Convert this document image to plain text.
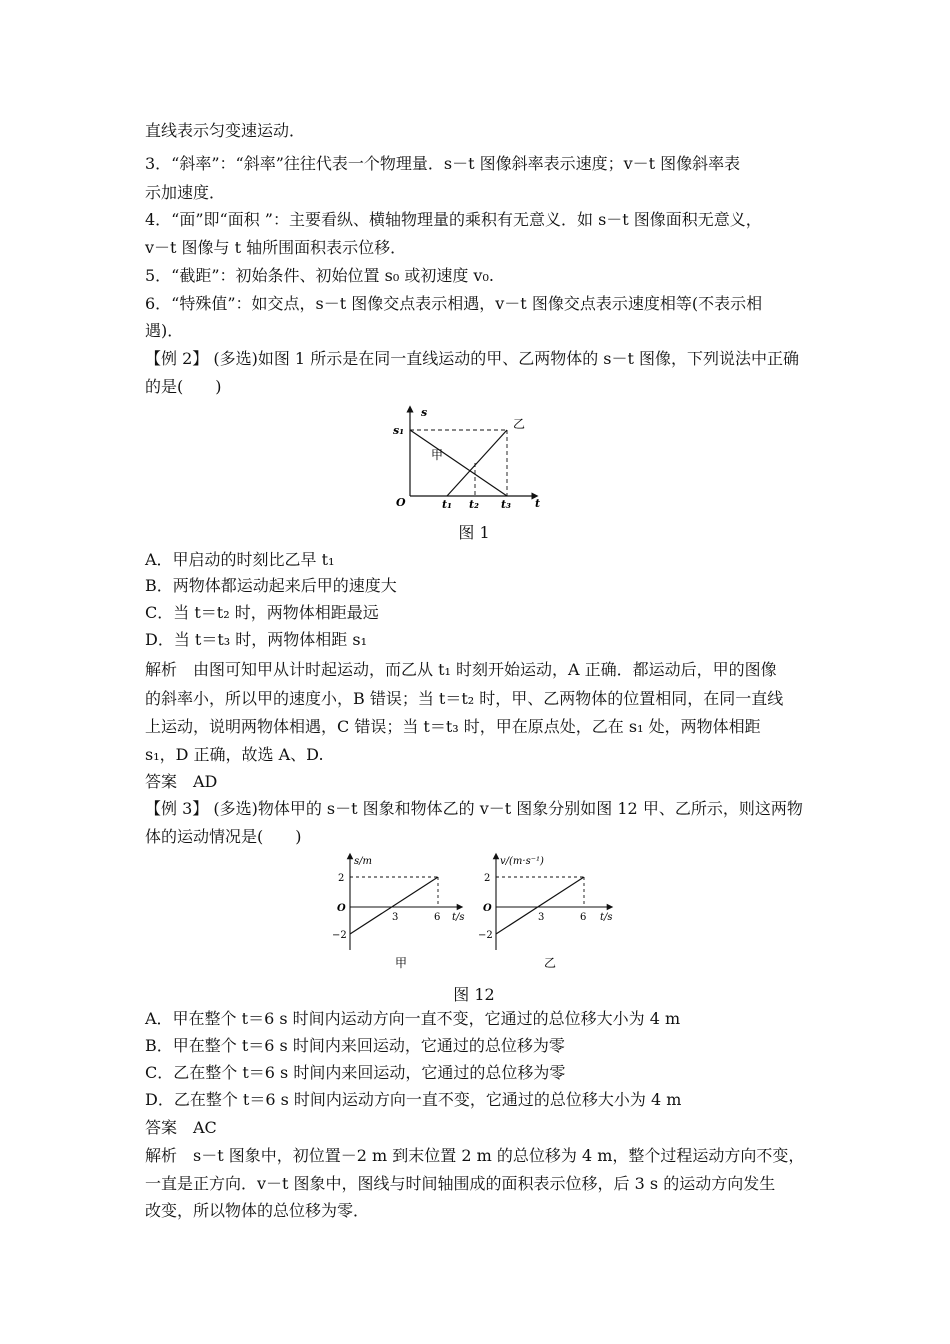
直线表示匀变速运动．
3．“斜率”：“斜率”往往代表一个物理量．s－t 图像斜率表示速度；v－t 图像斜率表
示加速度．
4．“面”即“面积 ”：主要看纵、横轴物理量的乘积有无意义．如 s－t 图像面积无意义，
v－t 图像与 t 轴所围面积表示位移．
5．“截距”：初始条件、初始位置 s₀ 或初速度 v₀.
6．“特殊值”：如交点，s－t 图像交点表示相遇，v－t 图像交点表示速度相等(不表示相
遇)．
【例 2】 (多选)如图 1 所示是在同一直线运动的甲、乙两物体的 s－t 图像，下列说法中正确
的是(　　)
s
s₁	乙
甲
O	t₁ t₂ t₃ t
图 1
A．甲启动的时刻比乙早 t₁
B．两物体都运动起来后甲的速度大
C．当 t＝t₂ 时，两物体相距最远
D．当 t＝t₃ 时，两物体相距 s₁
解析　由图可知甲从计时起运动，而乙从 t₁ 时刻开始运动，A 正确．都运动后，甲的图像
的斜率小，所以甲的速度小，B 错误；当 t＝t₂ 时，甲、乙两物体的位置相同，在同一直线
上运动，说明两物体相遇，C 错误；当 t＝t₃ 时，甲在原点处，乙在 s₁ 处，两物体相距
s₁，D 正确，故选 A、D.
答案　AD
【例 3】 (多选)物体甲的 s－t 图象和物体乙的 v－t 图象分别如图 12 甲、乙所示，则这两物
体的运动情况是(　　)
s/m
2
O
−2
3	6 t/s
甲
v/(m·s⁻¹)
2
O
−2
3	6 t/s
乙
图 12
A．甲在整个 t＝6 s 时间内运动方向一直不变，它通过的总位移大小为 4 m
B．甲在整个 t＝6 s 时间内来回运动，它通过的总位移为零
C．乙在整个 t＝6 s 时间内来回运动，它通过的总位移为零
D．乙在整个 t＝6 s 时间内运动方向一直不变，它通过的总位移大小为 4 m
答案　AC
解析　s－t 图象中，初位置－2 m 到末位置 2 m 的总位移为 4 m，整个过程运动方向不变，
一直是正方向．v－t 图象中，图线与时间轴围成的面积表示位移，后 3 s 的运动方向发生
改变，所以物体的总位移为零．
